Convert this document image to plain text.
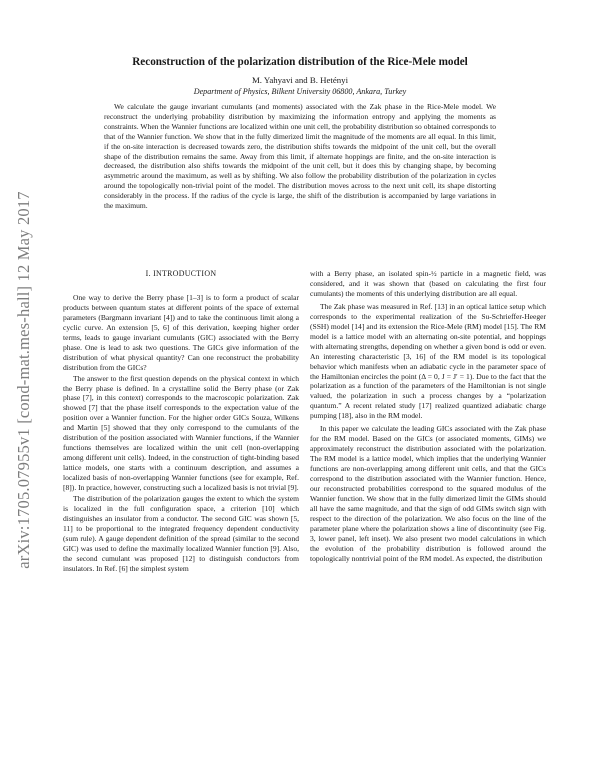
arXiv:1705.07955v1 [cond-mat.mes-hall] 12 May 2017
Reconstruction of the polarization distribution of the Rice-Mele model
M. Yahyavi and B. Hetényi
Department of Physics, Bilkent University 06800, Ankara, Turkey

We calculate the gauge invariant cumulants (and moments) associated with the Zak phase in the Rice-Mele model. We reconstruct the underlying probability distribution by maximizing the information entropy and applying the moments as constraints. When the Wannier functions are localized within one unit cell, the probability distribution so obtained corresponds to that of the Wannier function. We show that in the fully dimerized limit the magnitude of the moments are all equal. In this limit, if the on-site interaction is decreased towards zero, the distribution shifts towards the midpoint of the unit cell, but the overall shape of the distribution remains the same. Away from this limit, if alternate hoppings are finite, and the on-site interaction is decreased, the distribution also shifts towards the midpoint of the unit cell, but it does this by changing shape, by becoming asymmetric around the maximum, as well as by shifting. We also follow the probability distribution of the polarization in cycles around the topologically non-trivial point of the model. The distribution moves across to the next unit cell, its shape distorting considerably in the process. If the radius of the cycle is large, the shift of the distribution is accompanied by large variations in the maximum.

I. INTRODUCTION

One way to derive the Berry phase [1–3] is to form a product of scalar products between quantum states at different points of the space of external parameters (Bargmann invariant [4]) and to take the continuous limit along a cyclic curve. An extension [5, 6] of this derivation, keeping higher order terms, leads to gauge invariant cumulants (GIC) associated with the Berry phase. One is lead to ask two questions. The GICs give information of the distribution of what physical quantity? Can one reconstruct the probability distribution from the GICs?

The answer to the first question depends on the physical context in which the Berry phase is defined. In a crystalline solid the Berry phase (or Zak phase [7], in this context) corresponds to the macroscopic polarization. Zak showed [7] that the phase itself corresponds to the expectation value of the position over a Wannier function. For the higher order GICs Souza, Wilkens and Martin [5] showed that they only correspond to the cumulants of the distribution of the position associated with Wannier functions, if the Wannier functions themselves are localized within the unit cell (non-overlapping among different unit cells). Indeed, in the construction of tight-binding based lattice models, one starts with a continuum description, and assumes a localized basis of non-overlapping Wannier functions (see for example, Ref. [8]). In practice, however, constructing such a localized basis is not trivial [9].

The distribution of the polarization gauges the extent to which the system is localized in the full configuration space, a criterion [10] which distinguishes an insulator from a conductor. The second GIC was shown [5, 11] to be proportional to the integrated frequency dependent conductivity (sum rule). A gauge dependent definition of the spread (similar to the second GIC) was used to define the maximally localized Wannier function [9]. Also, the second cumulant was proposed [12] to distinguish conductors from insulators. In Ref. [6] the simplest system

with a Berry phase, an isolated spin-½ particle in a magnetic field, was considered, and it was shown that (based on calculating the first four cumulants) the moments of this underlying distribution are all equal.

The Zak phase was measured in Ref. [13] in an optical lattice setup which corresponds to the experimental realization of the Su-Schrieffer-Heeger (SSH) model [14] and its extension the Rice-Mele (RM) model [15]. The RM model is a lattice model with an alternating on-site potential, and hoppings with alternating strengths, depending on whether a given bond is odd or even. An interesting characteristic [3, 16] of the RM model is its topological behavior which manifests when an adiabatic cycle in the parameter space of the Hamiltonian encircles the point (Δ = 0, J = J′ = 1). Due to the fact that the polarization as a function of the parameters of the Hamiltonian is not single valued, the polarization in such a process changes by a “polarization quantum.” A recent related study [17] realized quantized adiabatic charge pumping [18], also in the RM model.

In this paper we calculate the leading GICs associated with the Zak phase for the RM model. Based on the GICs (or associated moments, GIMs) we approximately reconstruct the distribution associated with the polarization. The RM model is a lattice model, which implies that the underlying Wannier functions are non-overlapping among different unit cells, and that the GICs correspond to the distribution associated with the Wannier function. Hence, our reconstructed probabilities correspond to the squared modulus of the Wannier function. We show that in the fully dimerized limit the GIMs should all have the same magnitude, and that the sign of odd GIMs switch sign with respect to the direction of the polarization. We also focus on the line of the parameter plane where the polarization shows a line of discontinuity (see Fig. 3, lower panel, left inset). We also present two model calculations in which the evolution of the probability distribution is followed around the topologically nontrivial point of the RM model. As expected, the distribution
